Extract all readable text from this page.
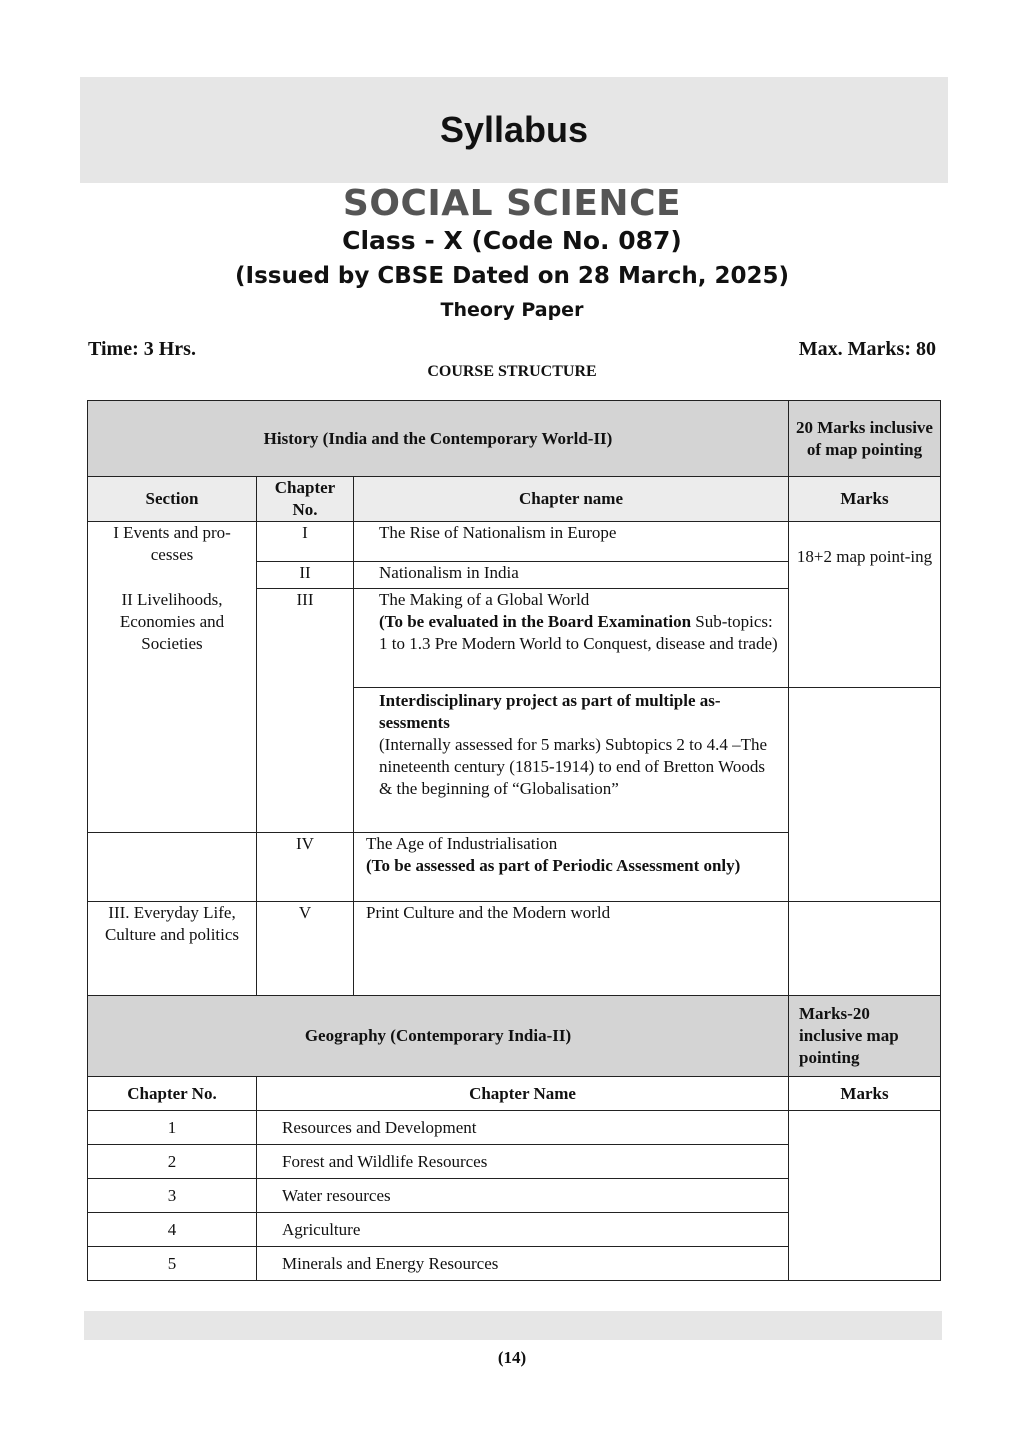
Syllabus
SOCIAL SCIENCE
Class - X (Code No. 087)
(Issued by CBSE Dated on 28 March, 2025)
Theory Paper
Time: 3 Hrs.	Max. Marks: 80
COURSE STRUCTURE
History (India and the Contemporary World-II)			20 Marks inclusive of map pointing
Section	Chapter No.	Chapter name	Marks
I Events and pro-cesses	I	The Rise of Nationalism in Europe	18+2 map point-ing
	II	Nationalism in India	
II Livelihoods, Economies and Societies	III	The Making of a Global World
(To be evaluated in the Board Examination Sub-topics: 1 to 1.3 Pre Modern World to Conquest, disease and trade)	
		Interdisciplinary project as part of multiple as-sessments
(Internally assessed for 5 marks) Subtopics 2 to 4.4 –The nineteenth century (1815-1914) to end of Bretton Woods & the beginning of “Globalisation”	
	IV	The Age of Industrialisation
(To be assessed as part of Periodic Assessment only)	
III. Everyday Life, Culture and politics	V	Print Culture and the Modern world	
Geography (Contemporary India-II)			Marks-20 inclusive map pointing
Chapter No.	Chapter Name		Marks
1	Resources and Development		
2	Forest and Wildlife Resources		
3	Water resources		
4	Agriculture		
5	Minerals and Energy Resources		
(14)
